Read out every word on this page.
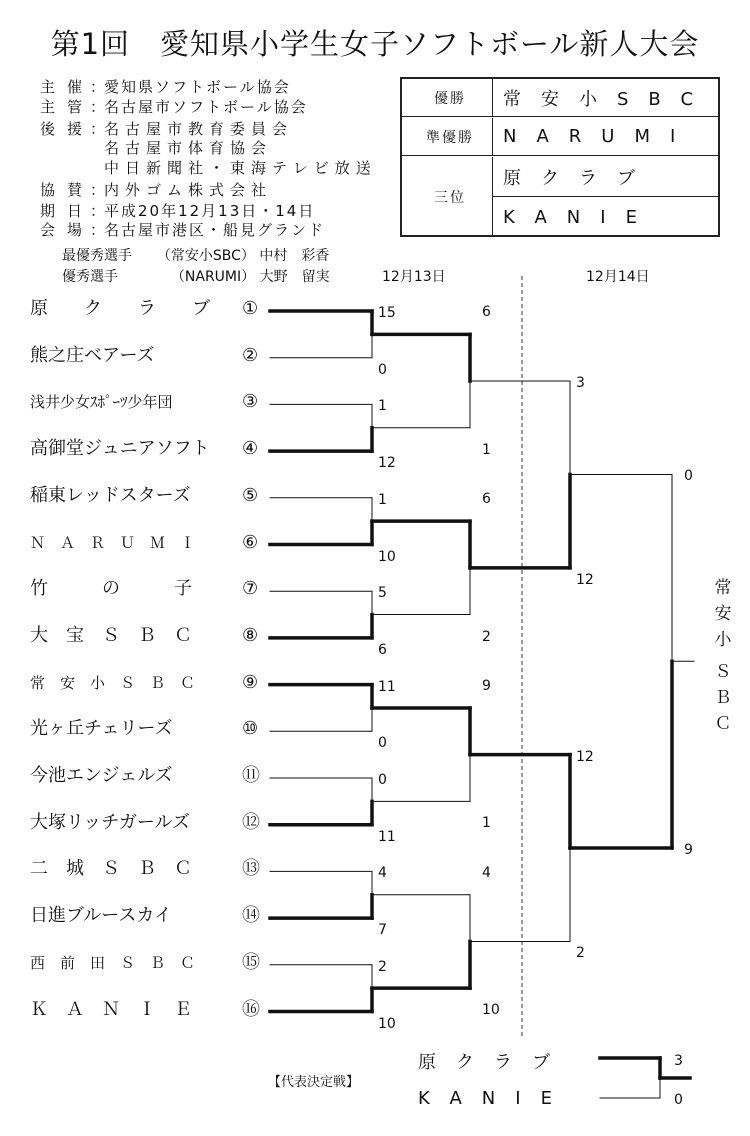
第1回　愛知県小学生女子ソフトボール新人大会
主催：愛知県ソフトボール協会
主管：名古屋市ソフトボール協会
後援：名古屋市教育委員会
名古屋市体育協会
中日新聞社・東海テレビ放送
協賛：内外ゴム株式会社
期日：平成20年12月13日・14日
会場：名古屋市港区・船見グランド
最優秀選手 （常安小SBC） 中村　彩香
優秀選手	（NARUMI） 大野　留実
優勝	常安小SBC
準優勝	NARUMI
三位
原クラブ
KANIE
12月13日	12月14日
原　　ク　　ラ　　ブ ①
熊之庄ベアーズ	②
浅井少女ｽﾎﾟｰﾂ少年団	③
高御堂ジュニアソフト ④
稲東レッドスターズ	⑤
Ｎ　Ａ　Ｒ　Ｕ　Ｍ　Ｉ	⑥
竹　　　の　　　子	⑦
大　宝　Ｓ　Ｂ　Ｃ	⑧
常　安　小　Ｓ　Ｂ　Ｃ	⑨
光ヶ丘チェリーズ	⑩
今池エンジェルズ	⑪
大塚リッチガールズ	⑫
二　城　Ｓ　Ｂ　Ｃ	⑬
日進ブルースカイ	⑭
西　前　田　Ｓ　Ｂ　Ｃ	⑮
Ｋ　Ａ　Ｎ　Ｉ　Ｅ	⑯
15
0
1
12
1
10
5
6
11
0
0
11
4
7
2
10
6
1
6
2
9
1
4
10
3
12
12
2
0
9
常
安
小
Ｓ
Ｂ
Ｃ
【代表決定戦】
原クラブ
KANIE
3
0
